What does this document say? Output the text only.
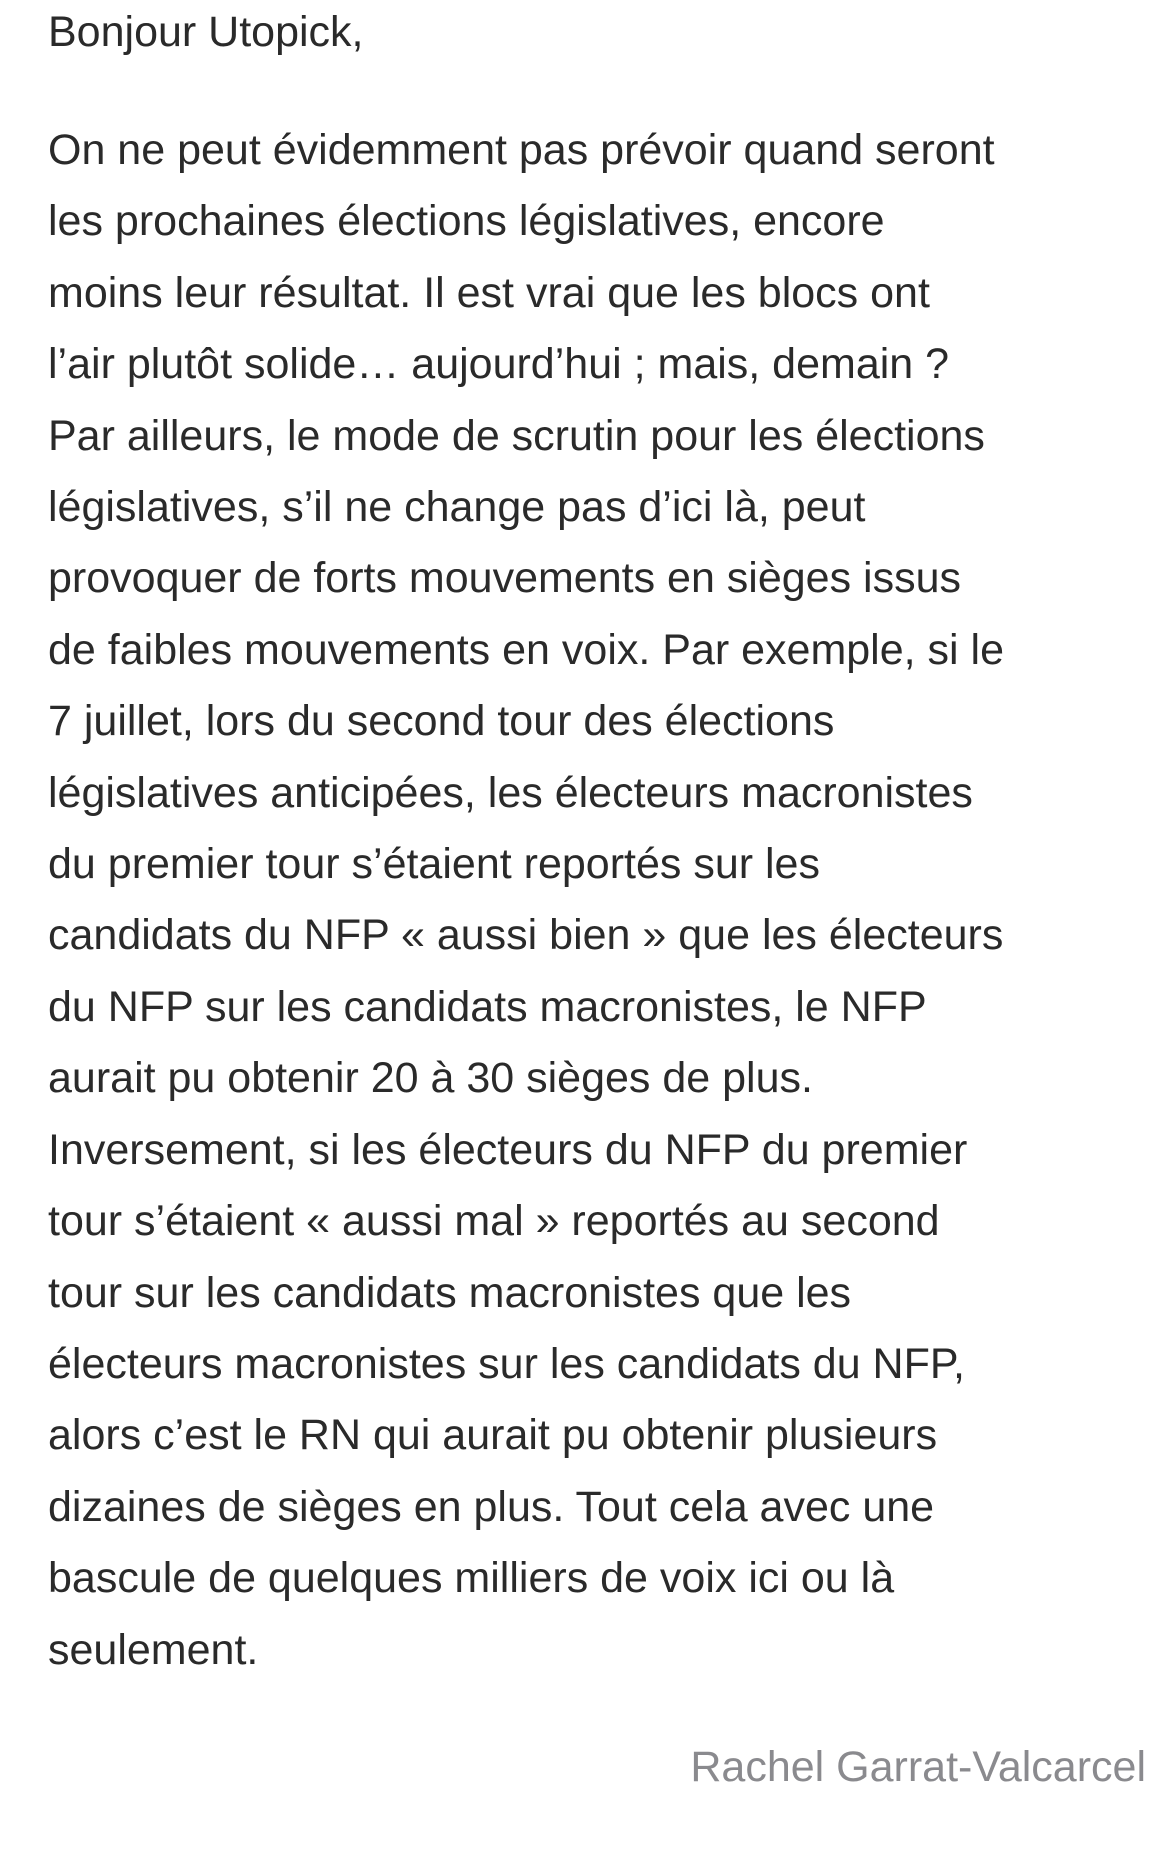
Bonjour Utopick,

On ne peut évidemment pas prévoir quand seront
les prochaines élections législatives, encore
moins leur résultat. Il est vrai que les blocs ont
l’air plutôt solide… aujourd’hui ; mais, demain ?
Par ailleurs, le mode de scrutin pour les élections
législatives, s’il ne change pas d’ici là, peut
provoquer de forts mouvements en sièges issus
de faibles mouvements en voix. Par exemple, si le
7 juillet, lors du second tour des élections
législatives anticipées, les électeurs macronistes
du premier tour s’étaient reportés sur les
candidats du NFP « aussi bien » que les électeurs
du NFP sur les candidats macronistes, le NFP
aurait pu obtenir 20 à 30 sièges de plus.
Inversement, si les électeurs du NFP du premier
tour s’étaient « aussi mal » reportés au second
tour sur les candidats macronistes que les
électeurs macronistes sur les candidats du NFP,
alors c’est le RN qui aurait pu obtenir plusieurs
dizaines de sièges en plus. Tout cela avec une
bascule de quelques milliers de voix ici ou là
seulement.

Rachel Garrat-Valcarcel
